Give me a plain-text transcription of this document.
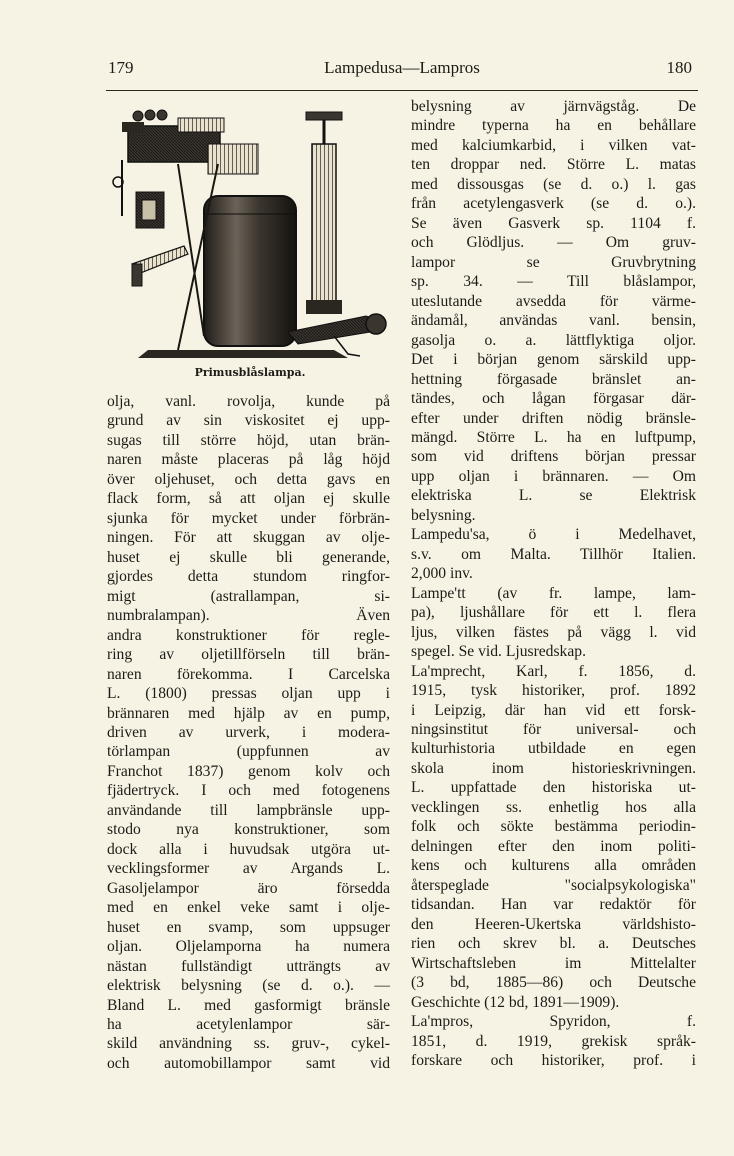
179	Lampedusa—Lampros	180
Primusblåslampa.
olja, vanl. rovolja, kunde på
grund av sin viskositet ej upp-
sugas till större höjd, utan brän-
naren måste placeras på låg höjd
över oljehuset, och detta gavs en
flack form, så att oljan ej skulle
sjunka för mycket under förbrän-
ningen. För att skuggan av olje-
huset ej skulle bli generande,
gjordes detta stundom ringfor-
migt (astrallampan, si-
numbralampan). Även
andra konstruktioner för regle-
ring av oljetillförseln till brän-
naren förekomma. I Carcelska
L. (1800) pressas oljan upp i
brännaren med hjälp av en pump,
driven av urverk, i modera-
törlampan (uppfunnen av
Franchot 1837) genom kolv och
fjädertryck. I och med fotogenens
användande till lampbränsle upp-
stodo nya konstruktioner, som
dock alla i huvudsak utgöra ut-
vecklingsformer av Argands L.
Gasoljelampor äro försedda
med en enkel veke samt i olje-
huset en svamp, som uppsuger
oljan. Oljelamporna ha numera
nästan fullständigt utträngts av
elektrisk belysning (se d. o.). —
Bland L. med gasformigt bränsle
ha acetylenlampor sär-
skild användning ss. gruv-, cykel-
och automobillampor samt vid
belysning av järnvägståg. De
mindre typerna ha en behållare
med kalciumkarbid, i vilken vat-
ten droppar ned. Större L. matas
med dissousgas (se d. o.) l. gas
från acetylengasverk (se d. o.).
Se även Gasverk sp. 1104 f.
och Glödljus. — Om gruv-
lampor se Gruvbrytning
sp. 34. — Till blåslampor,
uteslutande avsedda för värme-
ändamål, användas vanl. bensin,
gasolja o. a. lättflyktiga oljor.
Det i början genom särskild upp-
hettning förgasade bränslet an-
tändes, och lågan förgasar där-
efter under driften nödig bränsle-
mängd. Större L. ha en luftpump,
som vid driftens början pressar
upp oljan i brännaren. — Om
elektriska L. se Elektrisk
belysning.
Lampedu'sa, ö i Medelhavet,
s.v. om Malta. Tillhör Italien.
2,000 inv.
Lampe'tt (av fr. lampe, lam-
pa), ljushållare för ett l. flera
ljus, vilken fästes på vägg l. vid
spegel. Se vid. Ljusredskap.
La'mprecht, Karl, f. 1856, d.
1915, tysk historiker, prof. 1892
i Leipzig, där han vid ett forsk-
ningsinstitut för universal- och
kulturhistoria utbildade en egen
skola inom historieskrivningen.
L. uppfattade den historiska ut-
vecklingen ss. enhetlig hos alla
folk och sökte bestämma periodin-
delningen efter den inom politi-
kens och kulturens alla områden
återspeglade "socialpsykologiska"
tidsandan. Han var redaktör för
den Heeren-Ukertska världshisto-
rien och skrev bl. a. Deutsches
Wirtschaftsleben im Mittelalter
(3 bd, 1885—86) och Deutsche
Geschichte (12 bd, 1891—1909).
La'mpros, Spyridon, f.
1851, d. 1919, grekisk språk-
forskare och historiker, prof. i
